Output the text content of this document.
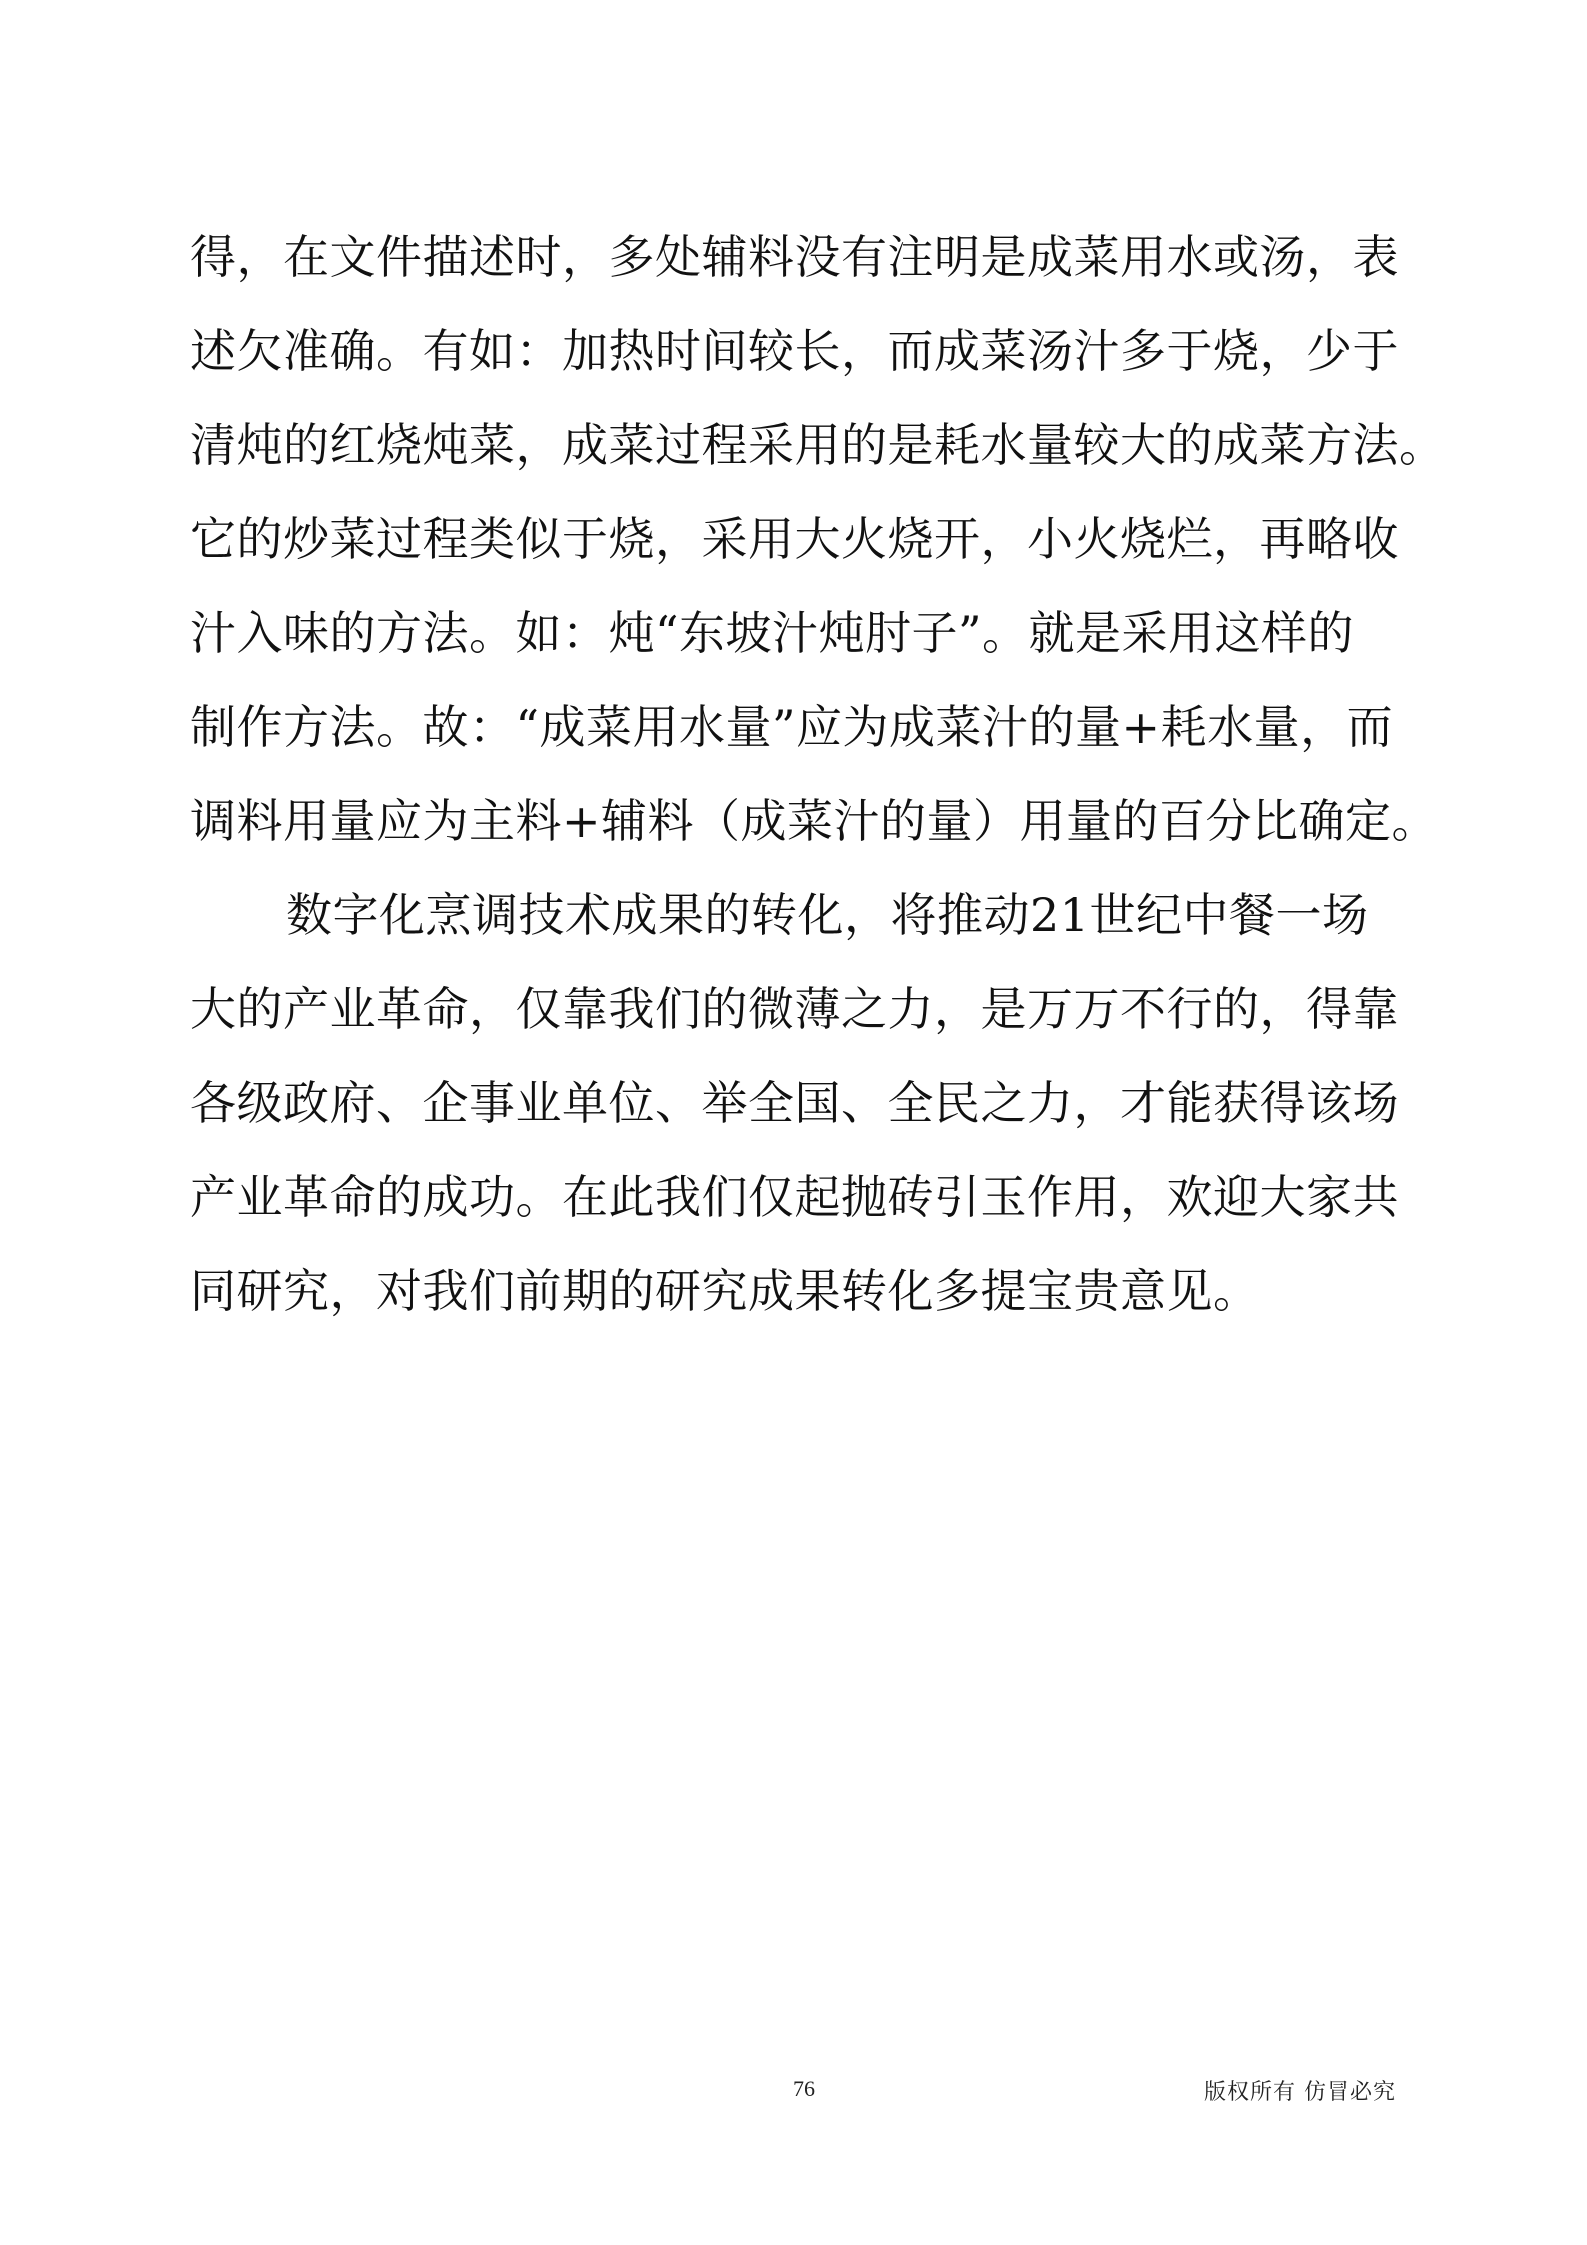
得，在文件描述时，多处辅料没有注明是成菜用水或汤，表
述欠准确。有如：加热时间较长，而成菜汤汁多于烧，少于
清炖的红烧炖菜，成菜过程采用的是耗水量较大的成菜方法。
它的炒菜过程类似于烧，采用大火烧开，小火烧烂，再略收
汁入味的方法。如：炖“东坡汁炖肘子”。就是采用这样的
制作方法。故：“成菜用水量”应为成菜汁的量+耗水量，而
调料用量应为主料+辅料（成菜汁的量）用量的百分比确定。
数字化烹调技术成果的转化，将推动21世纪中餐一场
大的产业革命，仅靠我们的微薄之力，是万万不行的，得靠
各级政府、企事业单位、举全国、全民之力，才能获得该场
产业革命的成功。在此我们仅起抛砖引玉作用，欢迎大家共
同研究，对我们前期的研究成果转化多提宝贵意见。
76	版权所有 仿冒必究
